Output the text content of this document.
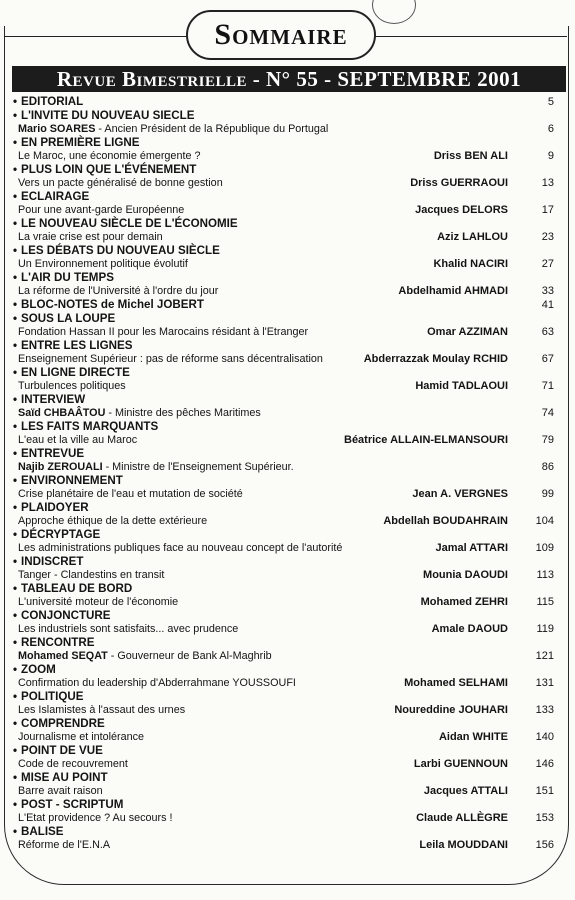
Sommaire
Revue Bimestrielle - N° 55 - SEPTEMBRE 2001
• EDITORIAL	5
• L'INVITE DU NOUVEAU SIECLE
Mario SOARES - Ancien Président de la République du Portugal	6
• EN PREMIÈRE LIGNE
Le Maroc, une économie émergente ?	Driss BEN ALI	9
• PLUS LOIN QUE L'ÉVÉNEMENT
Vers un pacte généralisé de bonne gestion	Driss GUERRAOUI	13
• ECLAIRAGE
Pour une avant-garde Européenne	Jacques DELORS	17
• LE NOUVEAU SIÈCLE DE L'ÉCONOMIE
La vraie crise est pour demain	Aziz LAHLOU	23
• LES DÉBATS DU NOUVEAU SIÈCLE
Un Environnement politique évolutif	Khalid NACIRI	27
• L'AIR DU TEMPS
La réforme de l'Université à l'ordre du jour	Abdelhamid AHMADI	33
• BLOC-NOTES de Michel JOBERT	41
• SOUS LA LOUPE
Fondation Hassan II pour les Marocains résidant à l'Etranger	Omar AZZIMAN	63
• ENTRE LES LIGNES
Enseignement Supérieur : pas de réforme sans décentralisation	Abderrazzak Moulay RCHID	67
• EN LIGNE DIRECTE
Turbulences politiques	Hamid TADLAOUI	71
• INTERVIEW
Saïd CHBAÂTOU - Ministre des pêches Maritimes	74
• LES FAITS MARQUANTS
L'eau et la ville au Maroc	Béatrice ALLAIN-ELMANSOURI	79
• ENTREVUE
Najib ZEROUALI - Ministre de l'Enseignement Supérieur.	86
• ENVIRONNEMENT
Crise planétaire de l'eau et mutation de société	Jean A. VERGNES	99
• PLAIDOYER
Approche éthique de la dette extérieure	Abdellah BOUDAHRAIN	104
• DÉCRYPTAGE
Les administrations publiques face au nouveau concept de l'autorité	Jamal ATTARI	109
• INDISCRET
Tanger - Clandestins en transit	Mounia DAOUDI	113
• TABLEAU DE BORD
L'université moteur de l'économie	Mohamed ZEHRI	115
• CONJONCTURE
Les industriels sont satisfaits... avec prudence	Amale DAOUD	119
• RENCONTRE
Mohamed SEQAT - Gouverneur de Bank Al-Maghrib	121
• ZOOM
Confirmation du leadership d'Abderrahmane YOUSSOUFI	Mohamed SELHAMI	131
• POLITIQUE
Les Islamistes à l'assaut des urnes	Noureddine JOUHARI	133
• COMPRENDRE
Journalisme et intolérance	Aidan WHITE	140
• POINT DE VUE
Code de recouvrement	Larbi GUENNOUN	146
• MISE AU POINT
Barre avait raison	Jacques ATTALI	151
• POST - SCRIPTUM
L'Etat providence ? Au secours !	Claude ALLÈGRE	153
• BALISE
Réforme de l'E.N.A	Leila MOUDDANI	156
